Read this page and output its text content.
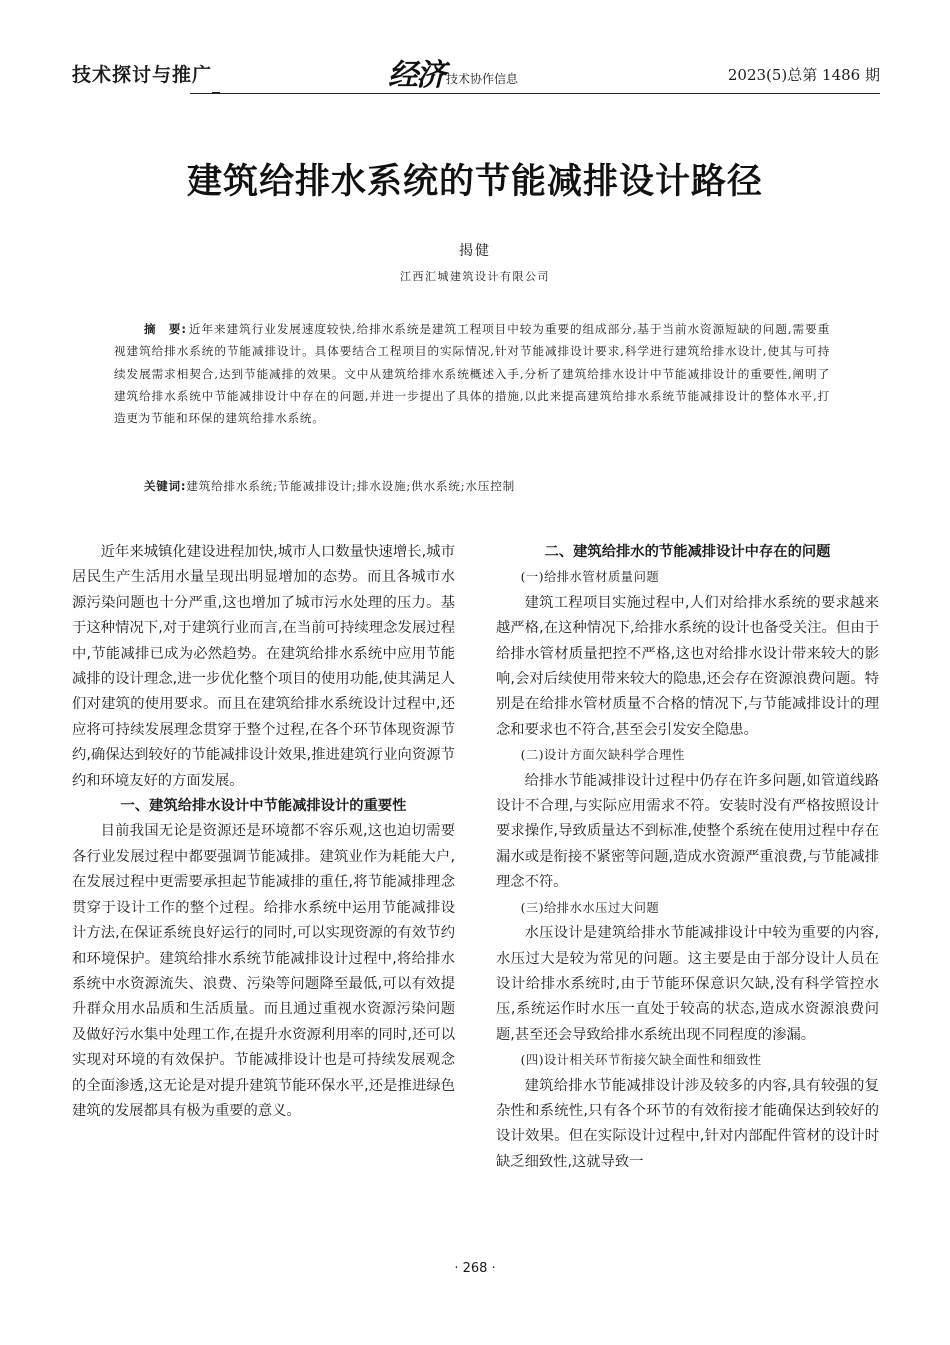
技术探讨与推广	经济 技术协作信息	2023(5)总第 1486 期
建筑给排水系统的节能减排设计路径
揭健
江西汇城建筑设计有限公司
摘　要: 近年来建筑行业发展速度较快,给排水系统是建筑工程项目中较为重要的组成部分,基于当前水资源短缺的问题,需要重视建筑给排水系统的节能减排设计。具体要结合工程项目的实际情况,针对节能减排设计要求,科学进行建筑给排水设计,使其与可持续发展需求相契合,达到节能减排的效果。文中从建筑给排水系统概述入手,分析了建筑给排水设计中节能减排设计的重要性,阐明了建筑给排水系统中节能减排设计中存在的问题,并进一步提出了具体的措施,以此来提高建筑给排水系统节能减排设计的整体水平,打造更为节能和环保的建筑给排水系统。
关键词:建筑给排水系统;节能减排设计;排水设施;供水系统;水压控制

近年来城镇化建设进程加快,城市人口数量快速增长,城市居民生产生活用水量呈现出明显增加的态势。而且各城市水源污染问题也十分严重,这也增加了城市污水处理的压力。基于这种情况下,对于建筑行业而言,在当前可持续理念发展过程中,节能减排已成为必然趋势。在建筑给排水系统中应用节能减排的设计理念,进一步优化整个项目的使用功能,使其满足人们对建筑的使用要求。而且在建筑给排水系统设计过程中,还应将可持续发展理念贯穿于整个过程,在各个环节体现资源节约,确保达到较好的节能减排设计效果,推进建筑行业向资源节约和环境友好的方面发展。

一、建筑给排水设计中节能减排设计的重要性

目前我国无论是资源还是环境都不容乐观,这也迫切需要各行业发展过程中都要强调节能减排。建筑业作为耗能大户,在发展过程中更需要承担起节能减排的重任,将节能减排理念贯穿于设计工作的整个过程。给排水系统中运用节能减排设计方法,在保证系统良好运行的同时,可以实现资源的有效节约和环境保护。建筑给排水系统节能减排设计过程中,将给排水系统中水资源流失、浪费、污染等问题降至最低,可以有效提升群众用水品质和生活质量。而且通过重视水资源污染问题及做好污水集中处理工作,在提升水资源利用率的同时,还可以实现对环境的有效保护。节能减排设计也是可持续发展观念的全面渗透,这无论是对提升建筑节能环保水平,还是推进绿色建筑的发展都具有极为重要的意义。

二、建筑给排水的节能减排设计中存在的问题

(一)给排水管材质量问题

建筑工程项目实施过程中,人们对给排水系统的要求越来越严格,在这种情况下,给排水系统的设计也备受关注。但由于给排水管材质量把控不严格,这也对给排水设计带来较大的影响,会对后续使用带来较大的隐患,还会存在资源浪费问题。特别是在给排水管材质量不合格的情况下,与节能减排设计的理念和要求也不符合,甚至会引发安全隐患。

(二)设计方面欠缺科学合理性

给排水节能减排设计过程中仍存在许多问题,如管道线路设计不合理,与实际应用需求不符。安装时没有严格按照设计要求操作,导致质量达不到标准,使整个系统在使用过程中存在漏水或是衔接不紧密等问题,造成水资源严重浪费,与节能减排理念不符。

(三)给排水水压过大问题

水压设计是建筑给排水节能减排设计中较为重要的内容,水压过大是较为常见的问题。这主要是由于部分设计人员在设计给排水系统时,由于节能环保意识欠缺,没有科学管控水压,系统运作时水压一直处于较高的状态,造成水资源浪费问题,甚至还会导致给排水系统出现不同程度的渗漏。

(四)设计相关环节衔接欠缺全面性和细致性

建筑给排水节能减排设计涉及较多的内容,具有较强的复杂性和系统性,只有各个环节的有效衔接才能确保达到较好的设计效果。但在实际设计过程中,针对内部配件管材的设计时缺乏细致性,这就导致一

· 268 ·
